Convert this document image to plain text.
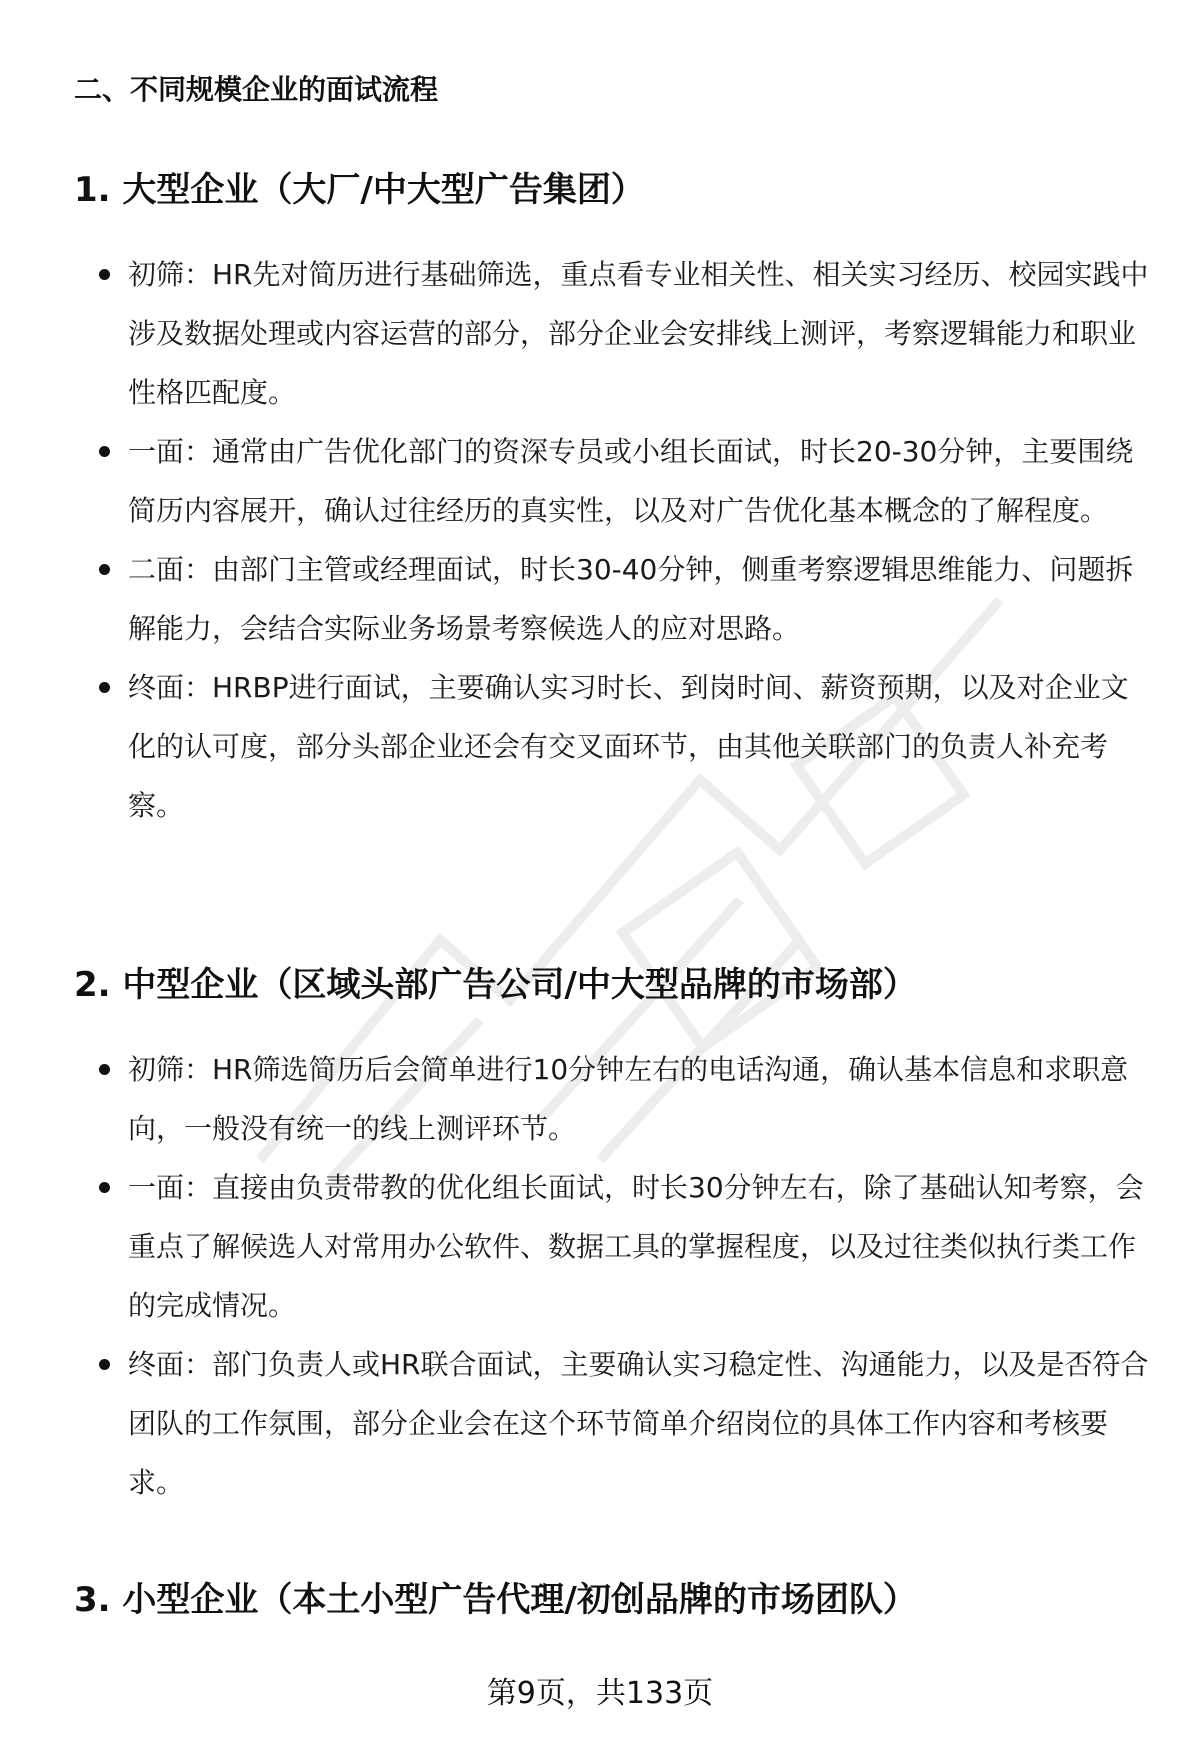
二、不同规模企业的面试流程
1. 大型企业（大厂/中大型广告集团）
初筛：HR先对简历进行基础筛选，重点看专业相关性、相关实习经历、校园实践中涉及数据处理或内容运营的部分，部分企业会安排线上测评，考察逻辑能力和职业性格匹配度。
一面：通常由广告优化部门的资深专员或小组长面试，时长20-30分钟，主要围绕简历内容展开，确认过往经历的真实性，以及对广告优化基本概念的了解程度。
二面：由部门主管或经理面试，时长30-40分钟，侧重考察逻辑思维能力、问题拆解能力，会结合实际业务场景考察候选人的应对思路。
终面：HRBP进行面试，主要确认实习时长、到岗时间、薪资预期，以及对企业文化的认可度，部分头部企业还会有交叉面环节，由其他关联部门的负责人补充考察。
2. 中型企业（区域头部广告公司/中大型品牌的市场部）
初筛：HR筛选简历后会简单进行10分钟左右的电话沟通，确认基本信息和求职意向，一般没有统一的线上测评环节。
一面：直接由负责带教的优化组长面试，时长30分钟左右，除了基础认知考察，会重点了解候选人对常用办公软件、数据工具的掌握程度，以及过往类似执行类工作的完成情况。
终面：部门负责人或HR联合面试，主要确认实习稳定性、沟通能力，以及是否符合团队的工作氛围，部分企业会在这个环节简单介绍岗位的具体工作内容和考核要求。
3. 小型企业（本土小型广告代理/初创品牌的市场团队）
第9页，共133页
